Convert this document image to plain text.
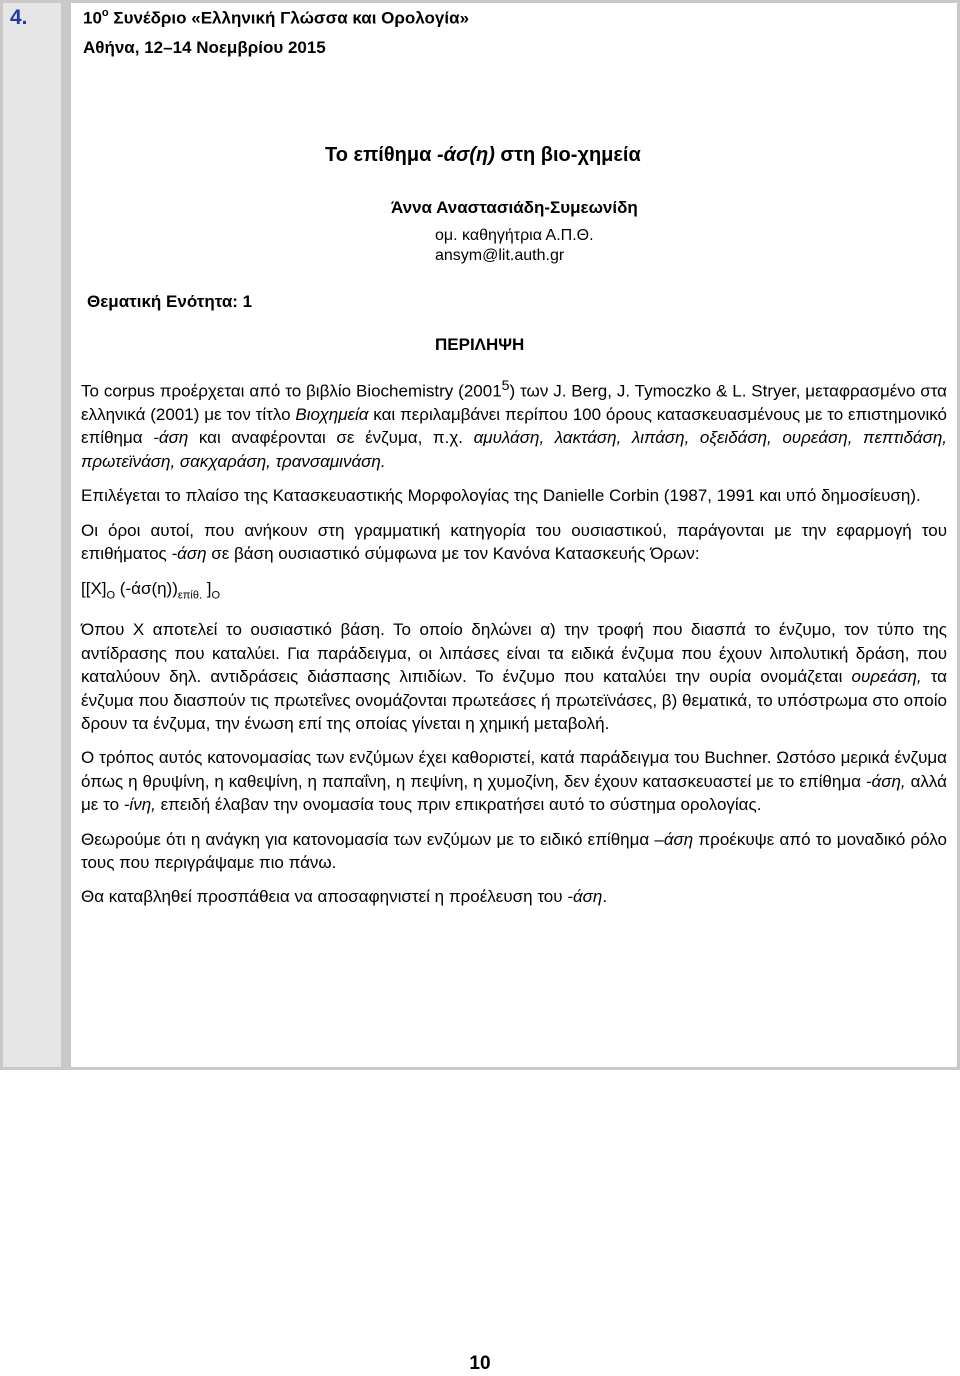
4.	$10^o$ Συνέδριο «Ελληνική Γλώσσα και Ορολογία»
Αθήνα, 12–14 Νοεμβρίου 2015
Το επίθημα -άσ(η) στη βιο-χημεία
Άννα Αναστασιάδη-Συμεωνίδη
ομ. καθηγήτρια Α.Π.Θ.
ansym@lit.auth.gr
Θεματική Ενότητα: 1
ΠΕΡΙΛΗΨΗ

Το corpus προέρχεται από το βιβλίο Biochemistry (2001$^5$) των J. Berg, J. Tymoczko & L. Stryer, μεταφρασμένο στα ελληνικά (2001) με τον τίτλο Βιοχημεία και περιλαμβάνει περίπου 100 όρους κατασκευασμένους με το επιστημονικό επίθημα -άση και αναφέρονται σε ένζυμα, π.χ. αμυλάση, λακτάση, λιπάση, οξειδάση, ουρεάση, πεπτιδάση, πρωτεϊνάση, σακχαράση, τρανσαμινάση.

Επιλέγεται το πλαίσο της Κατασκευαστικής Μορφολογίας της Danielle Corbin (1987, 1991 και υπό δημοσίευση).

Οι όροι αυτοί, που ανήκουν στη γραμματική κατηγορία του ουσιαστικού, παράγονται με την εφαρμογή του επιθήματος -άση σε βάση ουσιαστικό σύμφωνα με τον Κανόνα Κατασκευής Όρων:

[$[X]_O$ $(-ά\sigma(\eta))_{\varepsilon\pi ί\theta.}$ ]$_O$

Όπου X αποτελεί το ουσιαστικό βάση. Το οποίο δηλώνει α) την τροφή που διασπά το ένζυμο, τον τύπο της αντίδρασης που καταλύει. Για παράδειγμα, οι λιπάσες είναι τα ειδικά ένζυμα που έχουν λιπολυτική δράση, που καταλύουν δηλ. αντιδράσεις διάσπασης λιπιδίων. Το ένζυμο που καταλύει την ουρία ονομάζεται ουρεάση, τα ένζυμα που διασπούν τις πρωτεΐνες ονομάζονται πρωτεάσες ή πρωτεϊνάσες, β) θεματικά, το υπόστρωμα στο οποίο δρουν τα ένζυμα, την ένωση επί της οποίας γίνεται η χημική μεταβολή.

Ο τρόπος αυτός κατονομασίας των ενζύμων έχει καθοριστεί, κατά παράδειγμα του Buchner. Ωστόσο μερικά ένζυμα όπως η θρυψίνη, η καθεψίνη, η παπαΐνη, η πεψίνη, η χυμοζίνη, δεν έχουν κατασκευαστεί με το επίθημα -άση, αλλά με το -ίνη, επειδή έλαβαν την ονομασία τους πριν επικρατήσει αυτό το σύστημα ορολογίας.

Θεωρούμε ότι η ανάγκη για κατονομασία των ενζύμων με το ειδικό επίθημα –άση προέκυψε από το μοναδικό ρόλο τους που περιγράψαμε πιο πάνω.

Θα καταβληθεί προσπάθεια να αποσαφηνιστεί η προέλευση του -άση.

10
